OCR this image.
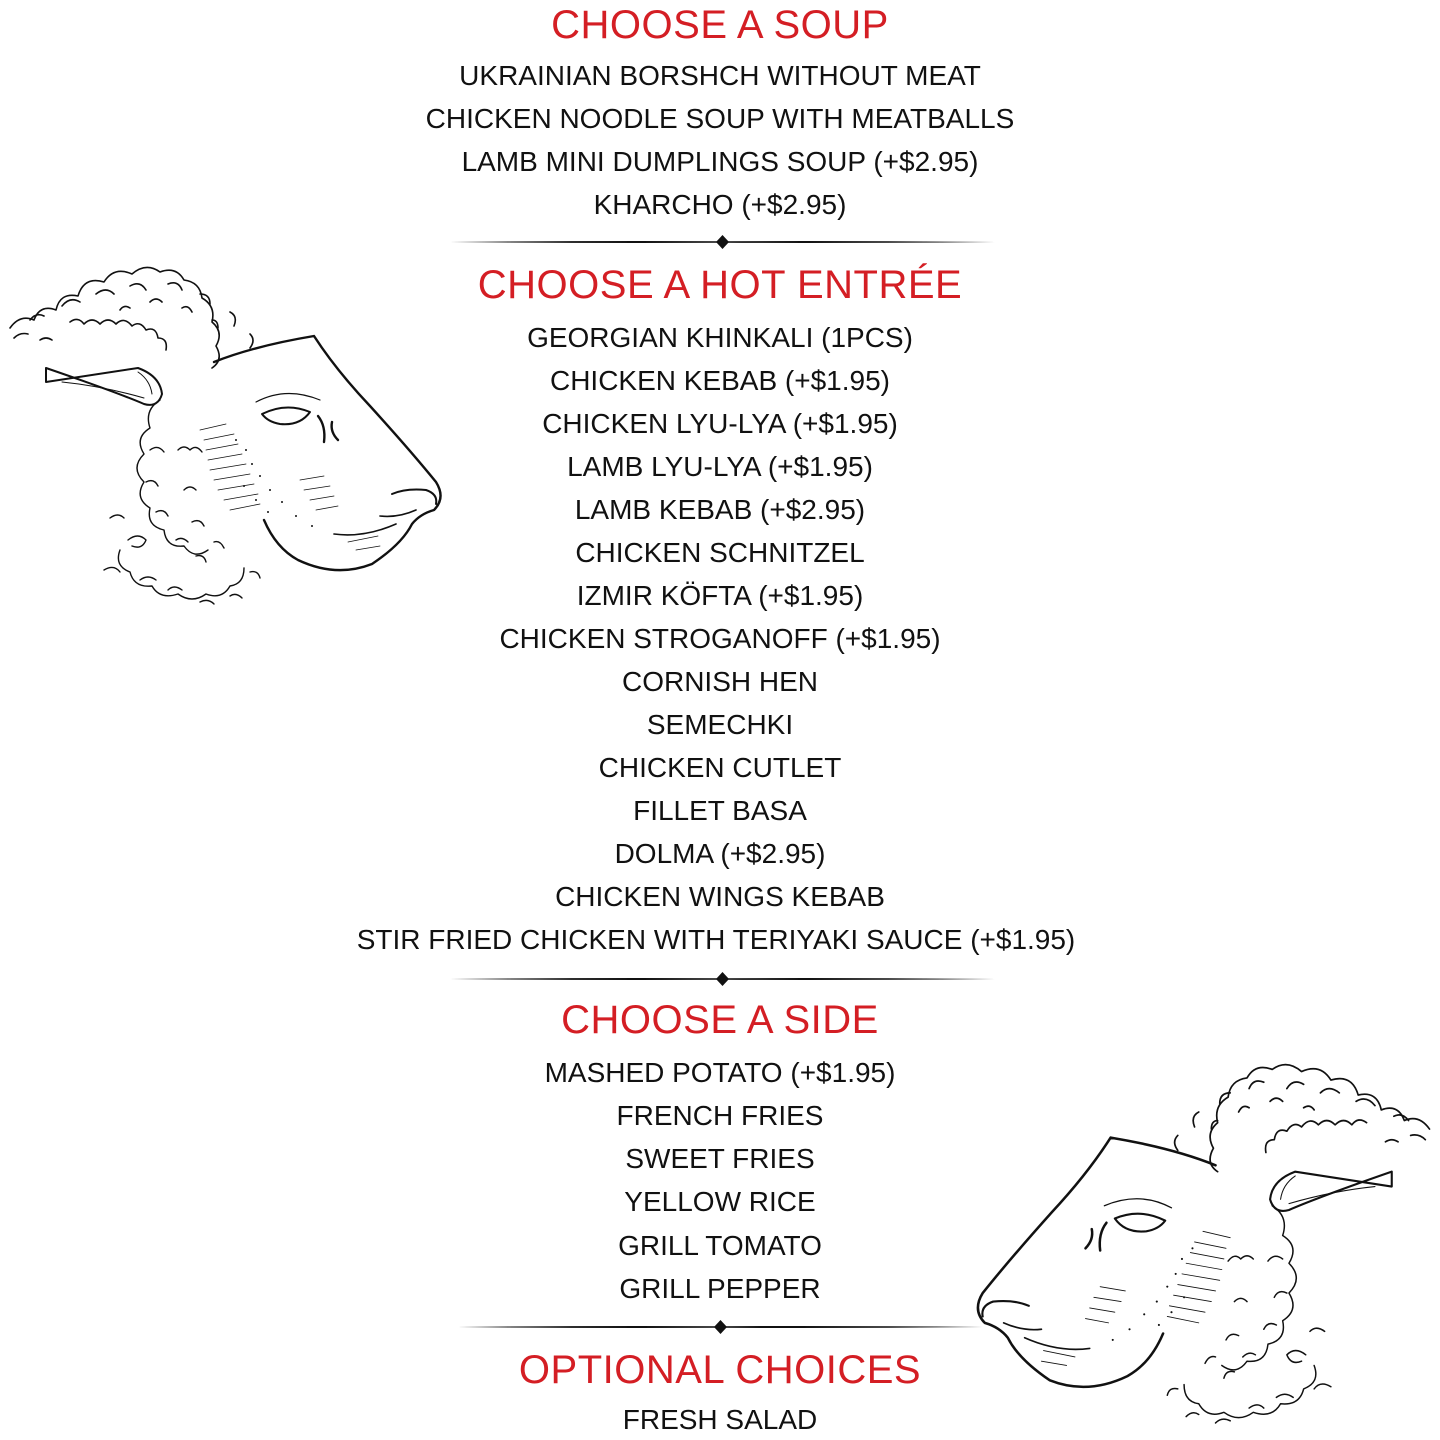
CHOOSE A SOUP
UKRAINIAN BORSHCH WITHOUT MEAT
CHICKEN NOODLE SOUP WITH MEATBALLS
LAMB MINI DUMPLINGS SOUP (+$2.95)
KHARCHO (+$2.95)
CHOOSE A HOT ENTRÉE
GEORGIAN KHINKALI (1PCS)
CHICKEN KEBAB (+$1.95)
CHICKEN LYU-LYA (+$1.95)
LAMB LYU-LYA (+$1.95)
LAMB KEBAB (+$2.95)
CHICKEN SCHNITZEL
IZMIR KÖFTA (+$1.95)
CHICKEN STROGANOFF (+$1.95)
CORNISH HEN
SEMECHKI
CHICKEN CUTLET
FILLET BASA
DOLMA (+$2.95)
CHICKEN WINGS KEBAB
STIR FRIED CHICKEN WITH TERIYAKI SAUCE (+$1.95)
CHOOSE A SIDE
MASHED POTATO (+$1.95)
FRENCH FRIES
SWEET FRIES
YELLOW RICE
GRILL TOMATO
GRILL PEPPER
OPTIONAL CHOICES
FRESH SALAD
